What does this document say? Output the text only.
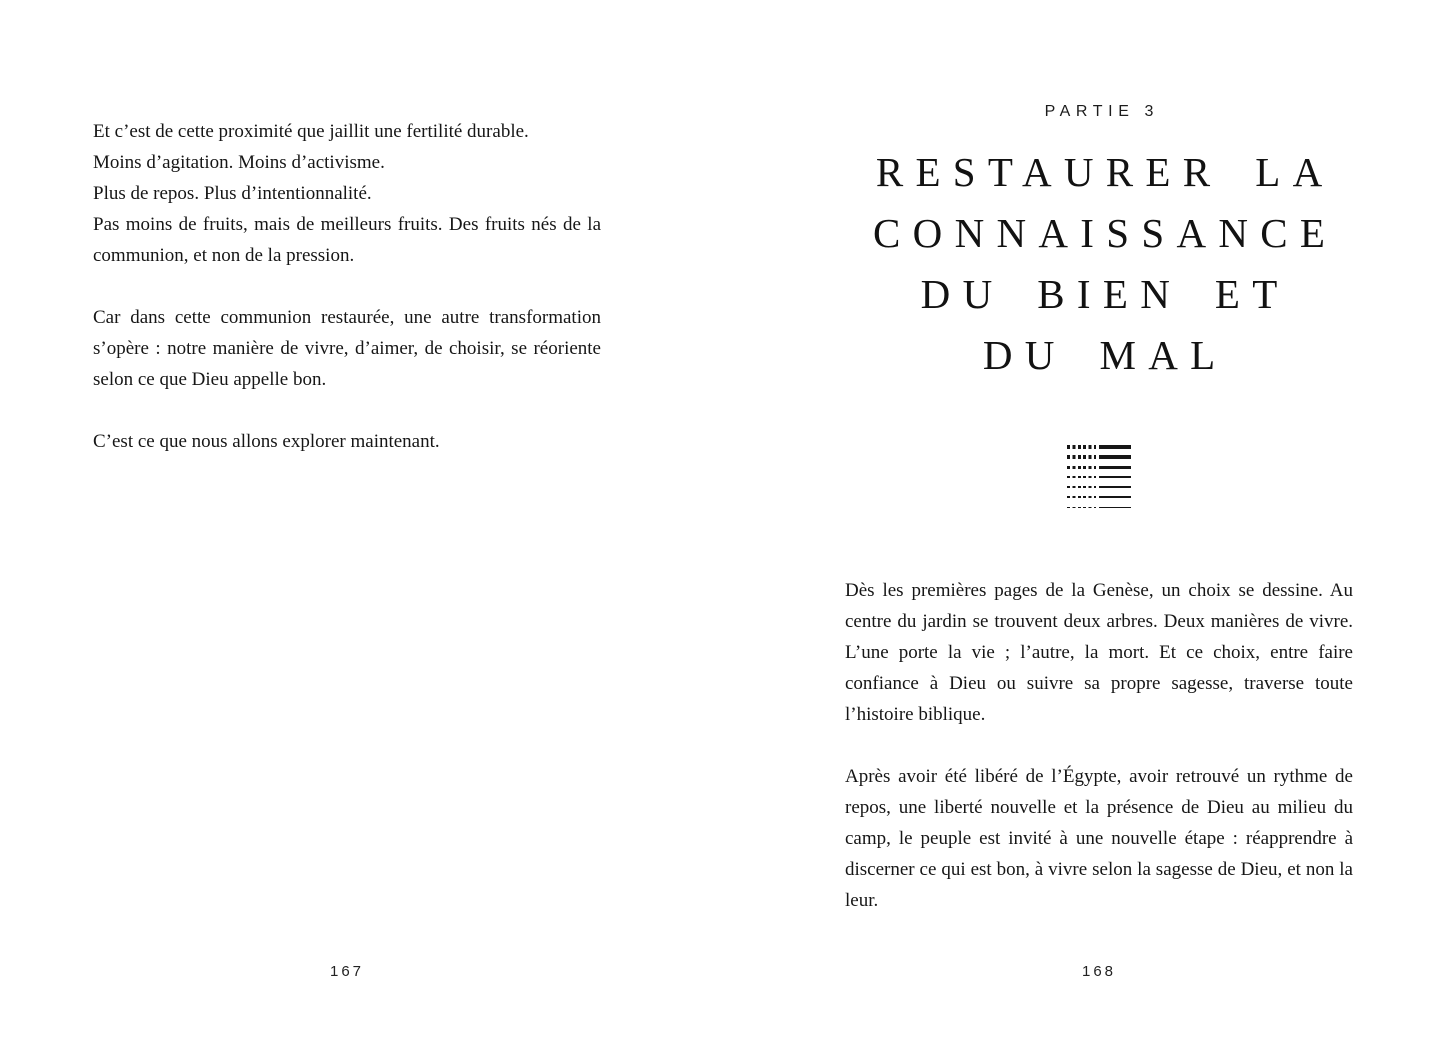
Et c’est de cette proximité que jaillit une fertilité durable.

Moins d’agitation. Moins d’activisme.

Plus de repos. Plus d’intentionnalité.

Pas moins de fruits, mais de meilleurs fruits. Des fruits nés de la communion, et non de la pression.

Car dans cette communion restaurée, une autre transformation s’opère : notre manière de vivre, d’aimer, de choisir, se réoriente selon ce que Dieu appelle bon.

C’est ce que nous allons explorer maintenant.

167
PARTIE 3
RESTAURER LA
CONNAISSANCE
DU BIEN ET
DU MAL

Dès les premières pages de la Genèse, un choix se dessine. Au centre du jardin se trouvent deux arbres. Deux manières de vivre. L’une porte la vie ; l’autre, la mort. Et ce choix, entre faire confiance à Dieu ou suivre sa propre sagesse, traverse toute l’histoire biblique.

Après avoir été libéré de l’Égypte, avoir retrouvé un rythme de repos, une liberté nouvelle et la présence de Dieu au milieu du camp, le peuple est invité à une nouvelle étape : réapprendre à discerner ce qui est bon, à vivre selon la sagesse de Dieu, et non la leur.

168
